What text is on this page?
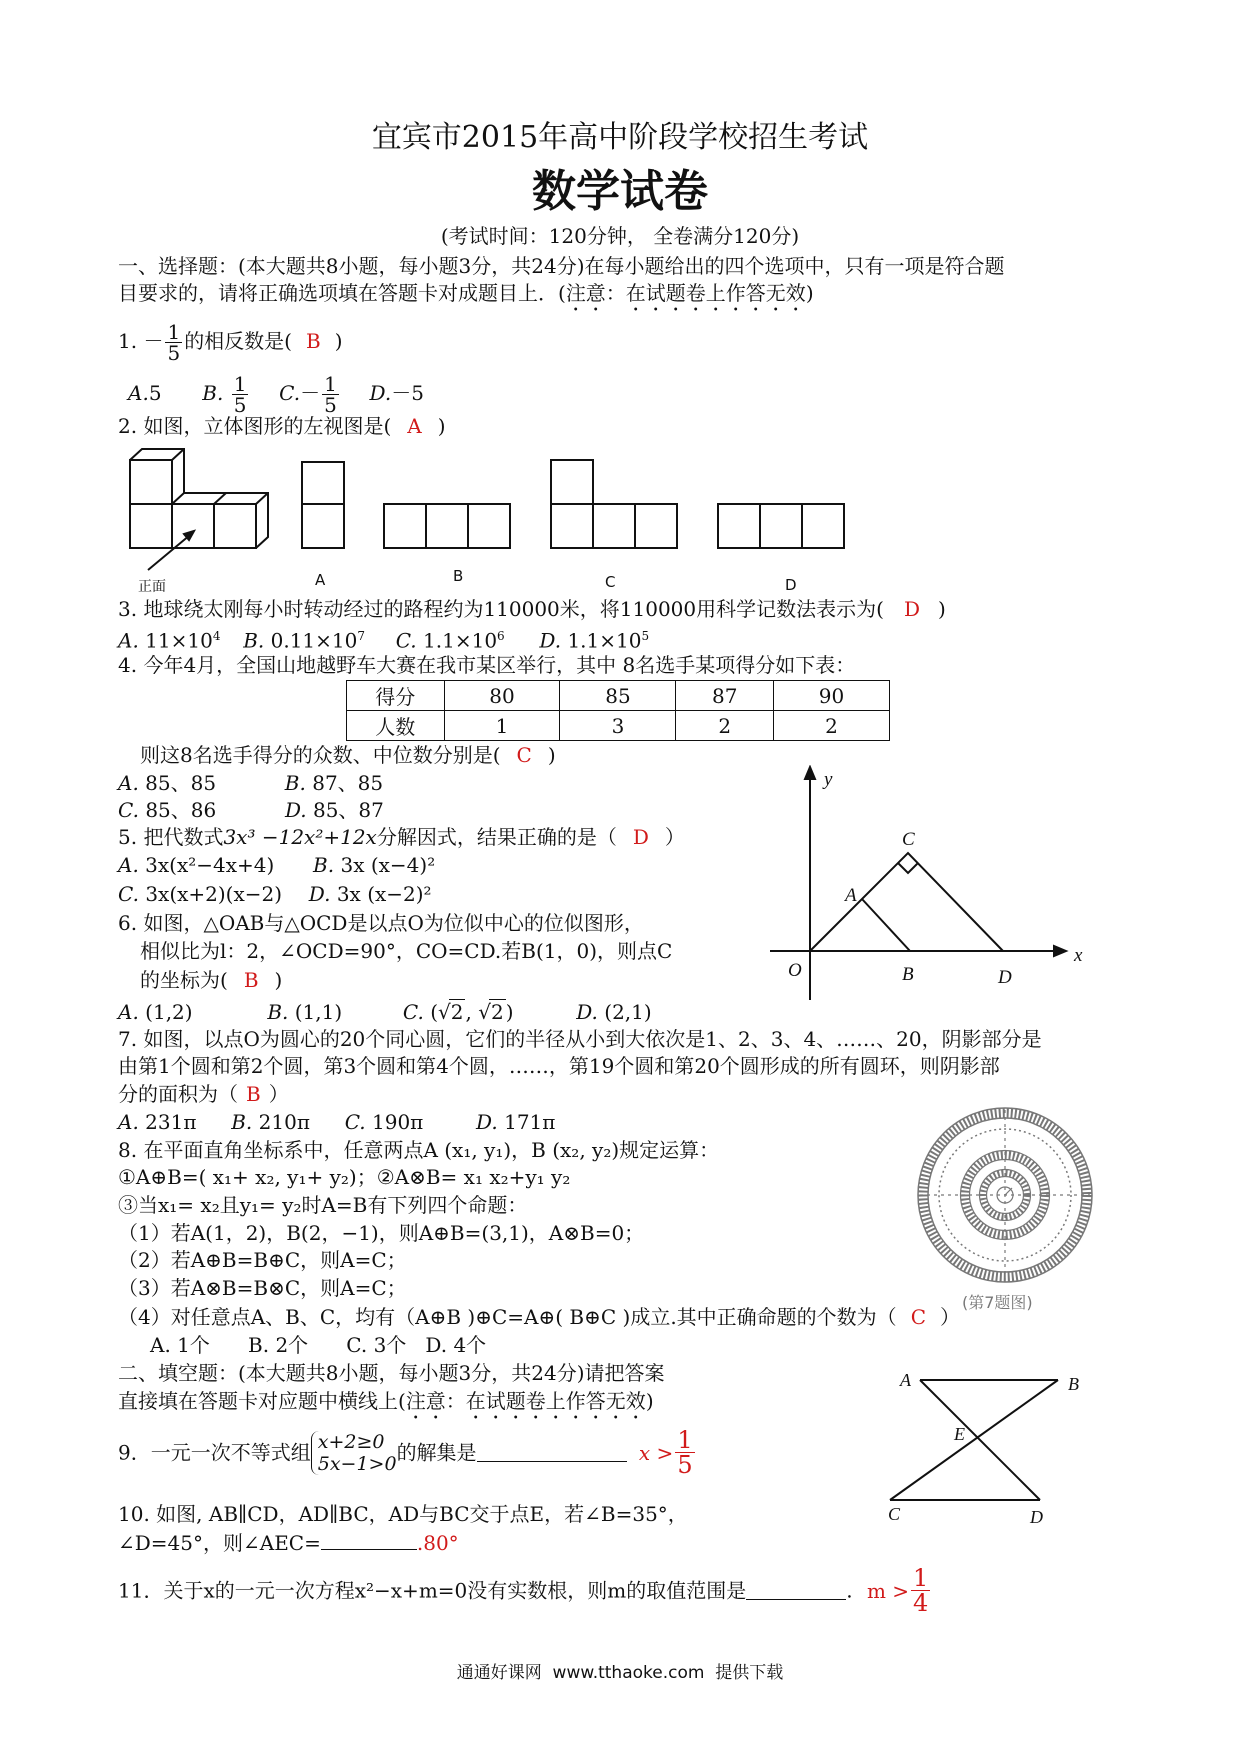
宜宾市2015年高中阶段学校招生考试
数学试卷
(考试时间：120分钟， 全卷满分120分)
一、选择题：(本大题共8小题，每小题3分，共24分)在每小题给出的四个选项中，只有一项是符合题
目要求的，请将正确选项填在答题卡对成题目上．(注意：在试题卷上作答无效)
1. － $\frac{1}{5}$ 的相反数是( B )
A.5 B. $\frac{1}{5} C.- \frac{1}{5} D.-5$
2. 如图，立体图形的左视图是( A )
正面	A	B	C	D
3. 地球绕太刚每小时转动经过的路程约为110000米，将110000用科学记数法表示为( D )
A. $11\times 10^4$ B. $0.11\times 10^7$ C. $1.1\times 10^6$ D. $1.1\times 10^5$
4. 今年4月，全国山地越野车大赛在我市某区举行，其中 8名选手某项得分如下表：
得分	80	85	87	90
人数	1	3	2	2
则这8名选手得分的众数、中位数分别是( C )
A. 85、85	B. 87、85
C. 85、86	D. 85、87
5. 把代数式3x³ −12x²+12x分解因式，结果正确的是（ D ）
A. 3x(x²−4x+4) B. 3x (x−4)²
C. 3x(x+2)(x−2) D. 3x (x−2)²
6. 如图，△OAB与△OCD是以点O为位似中心的位似图形，
相似比为l：2，∠OCD=90°，CO=CD.若B(1，0)，则点C
的坐标为( B )
A. (1,2)	B. (1,1)	C. (√2 , √2 )	D. (2,1)
y
x
O
A
B
C
D
7. 如图，以点O为圆心的20个同心圆，它们的半径从小到大依次是1、2、3、4、……、20，阴影部分是
由第1个圆和第2个圆，第3个圆和第4个圆，……，第19个圆和第20个圆形成的所有圆环，则阴影部
分的面积为（ B ）
A. 231π B. 210π C. 190π	D. 171π
(第7题图)
8. 在平面直角坐标系中，任意两点A (x₁, y₁)，B (x₂, y₂)规定运算：
①A⊕B=( x₁+ x₂, y₁+ y₂)；②A⊗B= x₁ x₂+y₁ y₂
③当x₁= x₂且y₁= y₂时A=B有下列四个命题：
（1）若A(1，2)，B(2，−1)，则A⊕B=(3,1)，A⊗B=0；
（2）若A⊕B=B⊕C，则A=C；
（3）若A⊗B=B⊗C，则A=C；
（4）对任意点A、B、C，均有（A⊕B )⊕C=A⊕( B⊕C )成立.其中正确命题的个数为（ C ）
A. 1个      B. 2个      C. 3个   D. 4个
二、填空题：(本大题共8小题，每小题3分，共24分)请把答案
直接填在答题卡对应题中横线上(注意：在试题卷上作答无效)
9．一元一次不等式组 x+2≥0
5x−1>0 的解集是	$x > \frac{1}{5}$
10. 如图, AB∥CD，AD∥BC，AD与BC交于点E，若∠B=35°，
∠D=45°，则∠AEC=	.80°
A	B
C	D
E
11．关于x的一元一次方程x²−x+m=0没有实数根，则m的取值范围是	. $m > \frac{1}{4}$
通通好课网  www.tthaoke.com  提供下载
